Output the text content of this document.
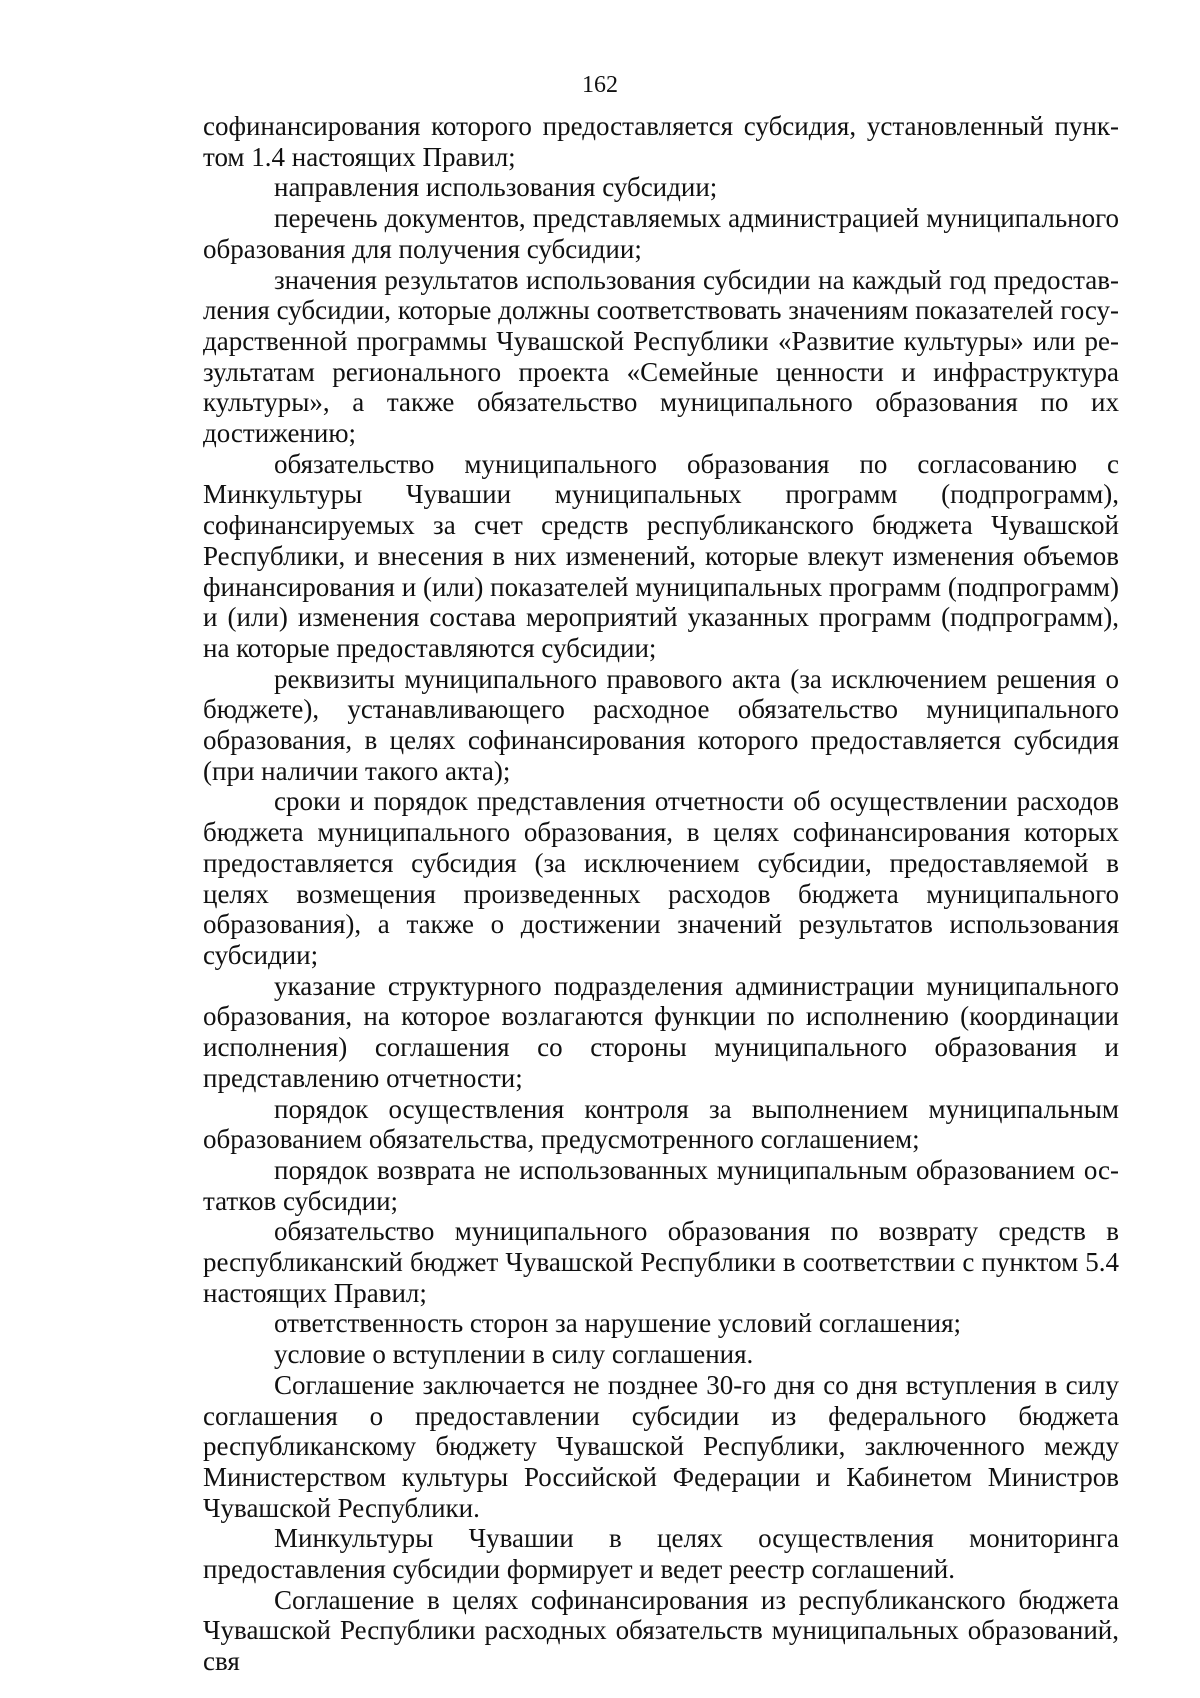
162

софинансирования которого предоставляется субсидия, установленный пунктом 1.4 настоящих Правил;

направления использования субсидии;

перечень документов, представляемых администрацией муниципального образования для получения субсидии;

значения результатов использования субсидии на каждый год предоставления субсидии, которые должны соответствовать значениям показателей государственной программы Чувашской Республики «Развитие культуры» или результатам регионального проекта «Семейные ценности и инфраструктура культуры», а также обязательство муниципального образования по их достижению;

обязательство муниципального образования по согласованию с Минкультуры Чувашии муниципальных программ (подпрограмм), софинансируемых за счет средств республиканского бюджета Чувашской Республики, и внесения в них изменений, которые влекут изменения объемов финансирования и (или) показателей муниципальных программ (подпрограмм) и (или) изменения состава мероприятий указанных программ (подпрограмм), на которые предоставляются субсидии;

реквизиты муниципального правового акта (за исключением решения о бюджете), устанавливающего расходное обязательство муниципального образования, в целях софинансирования которого предоставляется субсидия (при наличии такого акта);

сроки и порядок представления отчетности об осуществлении расходов бюджета муниципального образования, в целях софинансирования которых предоставляется субсидия (за исключением субсидии, предоставляемой в целях возмещения произведенных расходов бюджета муниципального образования), а также о достижении значений результатов использования субсидии;

указание структурного подразделения администрации муниципального образования, на которое возлагаются функции по исполнению (координации исполнения) соглашения со стороны муниципального образования и представлению отчетности;

порядок осуществления контроля за выполнением муниципальным образованием обязательства, предусмотренного соглашением;

порядок возврата не использованных муниципальным образованием остатков субсидии;

обязательство муниципального образования по возврату средств в республиканский бюджет Чувашской Республики в соответствии с пунктом 5.4 настоящих Правил;

ответственность сторон за нарушение условий соглашения;

условие о вступлении в силу соглашения.

Соглашение заключается не позднее 30-го дня со дня вступления в силу соглашения о предоставлении субсидии из федерального бюджета республиканскому бюджету Чувашской Республики, заключенного между Министерством культуры Российской Федерации и Кабинетом Министров Чувашской Республики.

Минкультуры Чувашии в целях осуществления мониторинга предоставления субсидии формирует и ведет реестр соглашений.

Соглашение в целях софинансирования из республиканского бюджета Чувашской Республики расходных обязательств муниципальных образований, свя
